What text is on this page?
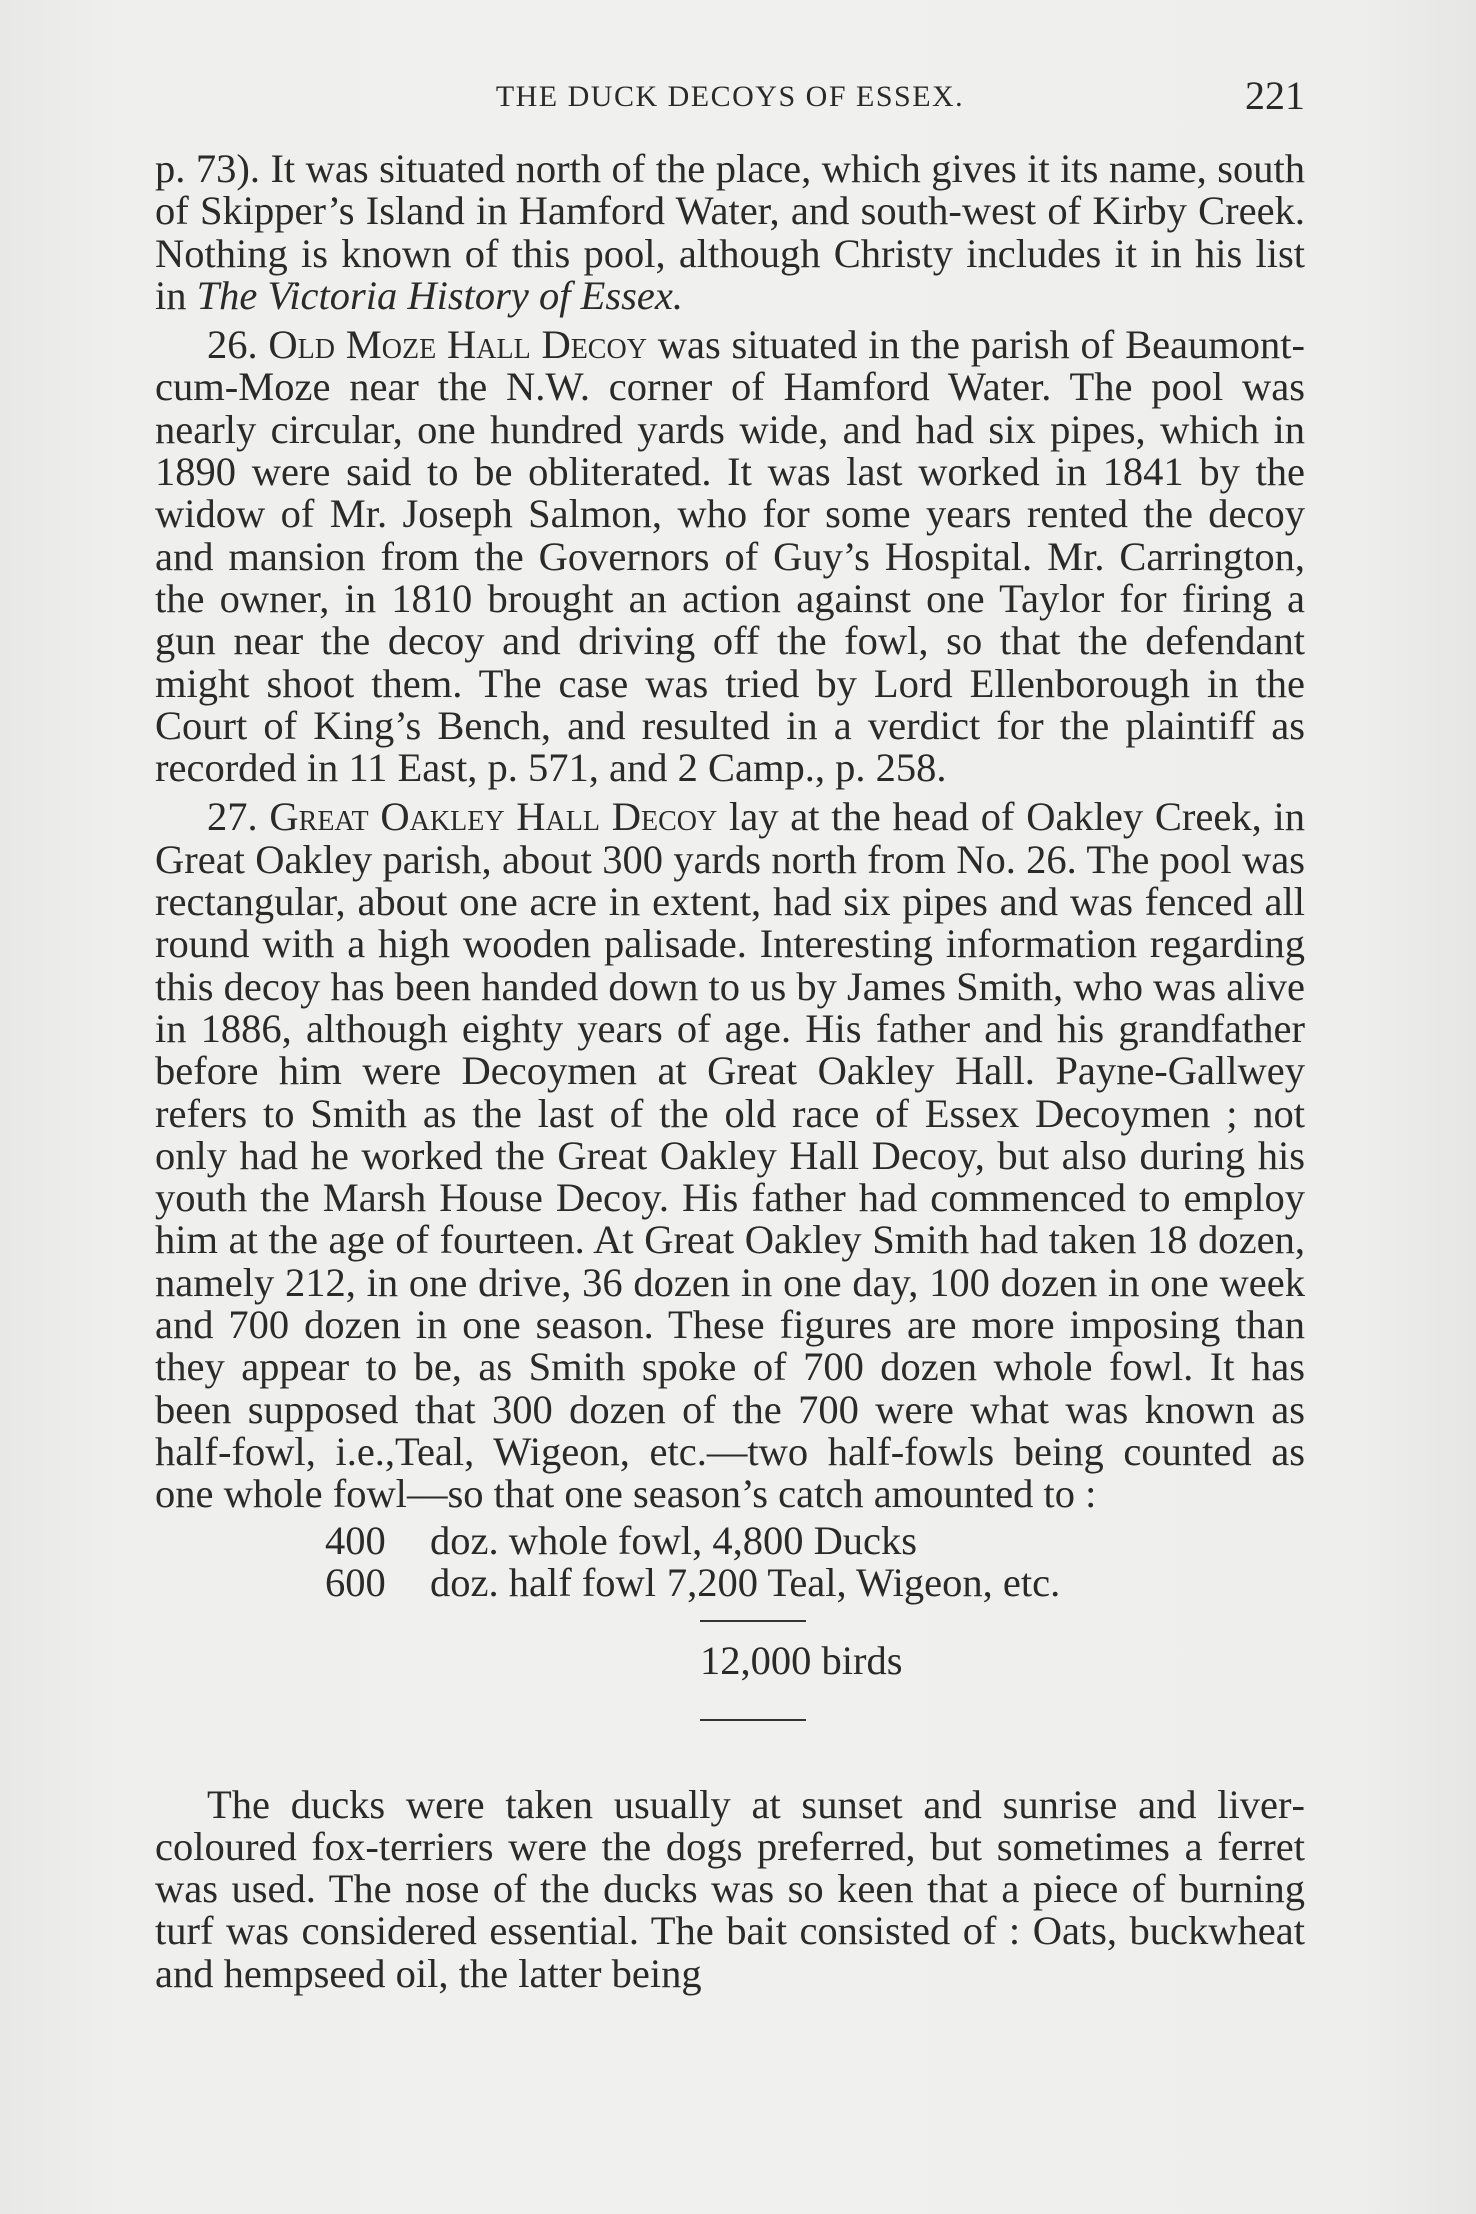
THE DUCK DECOYS OF ESSEX.	221

p. 73). It was situated north of the place, which gives it its name, south of Skipper’s Island in Hamford Water, and south-west of Kirby Creek. Nothing is known of this pool, although Christy includes it in his list in The Victoria History of Essex.

26. Old Moze Hall Decoy was situated in the parish of Beaumont-cum-Moze near the N.W. corner of Hamford Water. The pool was nearly circular, one hundred yards wide, and had six pipes, which in 1890 were said to be obliterated. It was last worked in 1841 by the widow of Mr. Joseph Salmon, who for some years rented the decoy and mansion from the Governors of Guy’s Hospital. Mr. Carrington, the owner, in 1810 brought an action against one Taylor for firing a gun near the decoy and driving off the fowl, so that the defendant might shoot them. The case was tried by Lord Ellenborough in the Court of King’s Bench, and resulted in a verdict for the plaintiff as recorded in 11 East, p. 571, and 2 Camp., p. 258.

27. Great Oakley Hall Decoy lay at the head of Oakley Creek, in Great Oakley parish, about 300 yards north from No. 26. The pool was rectangular, about one acre in extent, had six pipes and was fenced all round with a high wooden palisade. Interesting information regarding this decoy has been handed down to us by James Smith, who was alive in 1886, although eighty years of age. His father and his grandfather before him were Decoymen at Great Oakley Hall. Payne-Gallwey refers to Smith as the last of the old race of Essex Decoymen ; not only had he worked the Great Oakley Hall Decoy, but also during his youth the Marsh House Decoy. His father had commenced to employ him at the age of fourteen. At Great Oakley Smith had taken 18 dozen, namely 212, in one drive, 36 dozen in one day, 100 dozen in one week and 700 dozen in one season. These figures are more imposing than they appear to be, as Smith spoke of 700 dozen whole fowl. It has been supposed that 300 dozen of the 700 were what was known as half-fowl, i.e.,Teal, Wigeon, etc.—two half-fowls being counted as one whole fowl—so that one season’s catch amounted to :

400 doz. whole fowl, 4,800 Ducks
600 doz. half fowl 7,200 Teal, Wigeon, etc.
12,000 birds

The ducks were taken usually at sunset and sunrise and livercoloured fox-terriers were the dogs preferred, but sometimes a ferret was used. The nose of the ducks was so keen that a piece of burning turf was considered essential. The bait consisted of : Oats, buckwheat and hempseed oil, the latter being
